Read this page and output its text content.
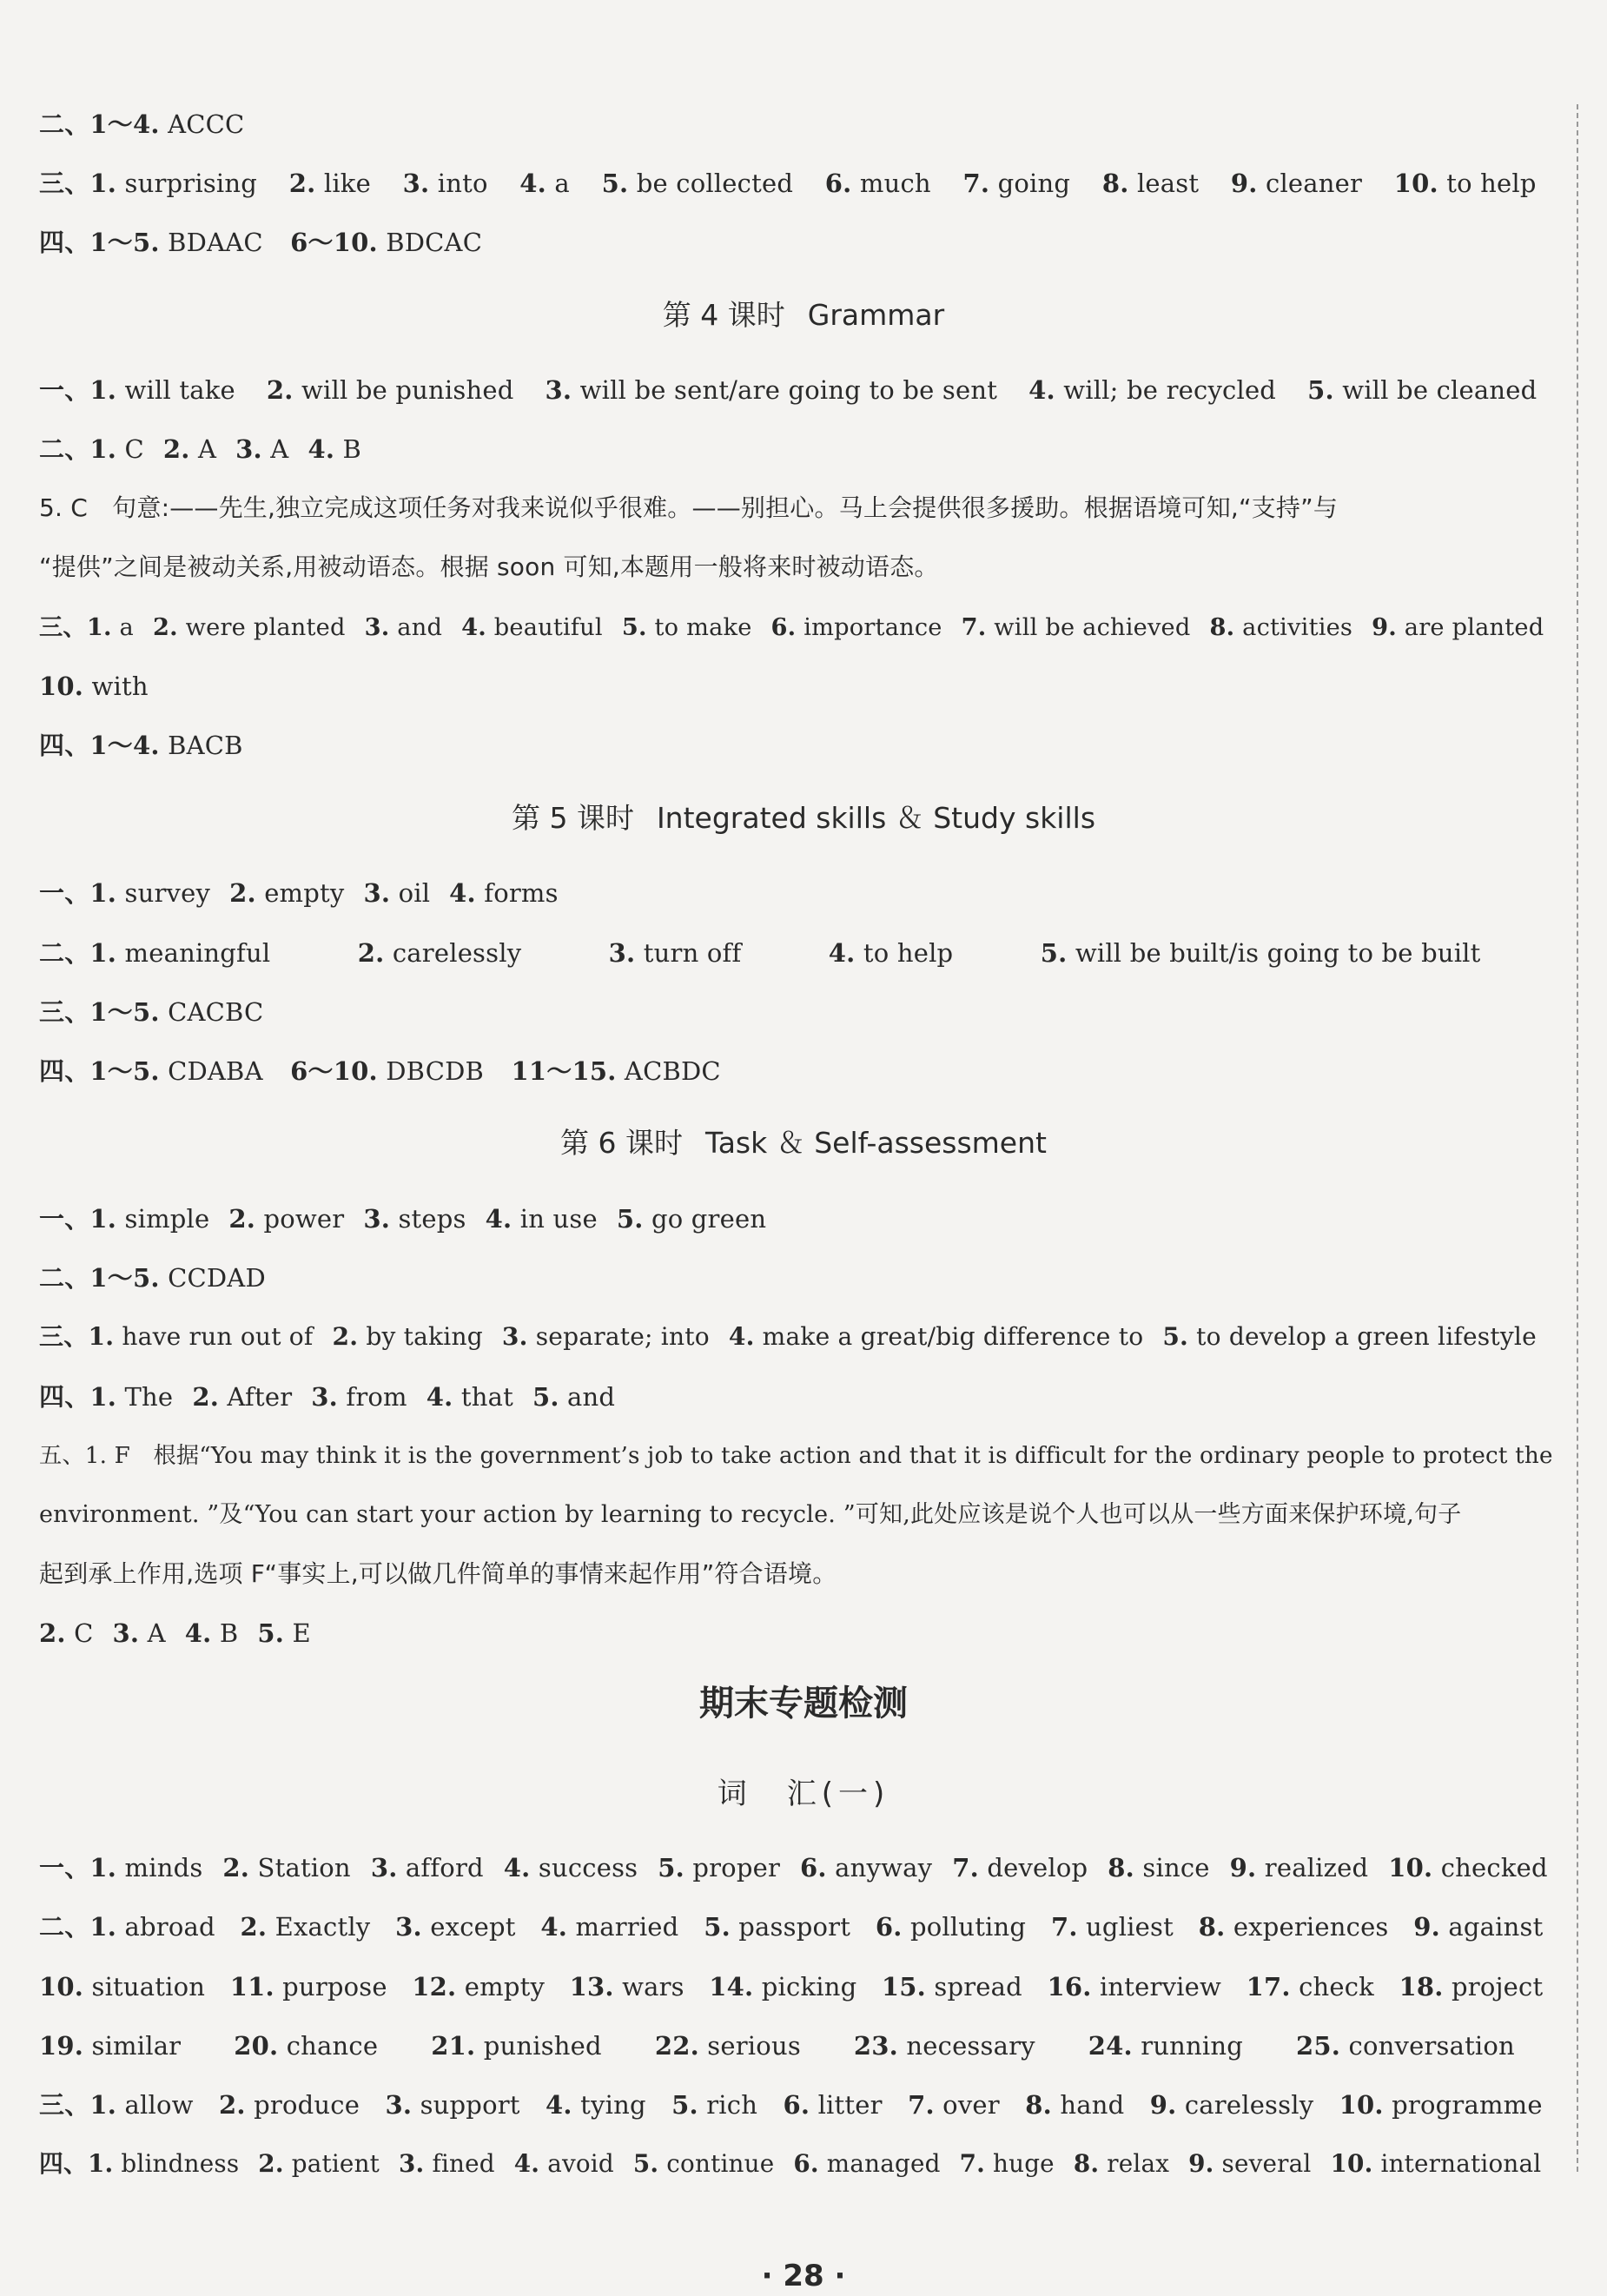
二、1～4. ACCC
三、1. surprising 2. like 3. into 4. a 5. be collected 6. much 7. going 8. least 9. cleaner 10. to help
四、1～5. BDAAC 6～10. BDCAC
第 4 课时 Grammar
一、1. will take 2. will be punished 3. will be sent/are going to be sent 4. will; be recycled 5. will be cleaned
二、1. C 2. A 3. A 4. B
5. C　句意:——先生,独立完成这项任务对我来说似乎很难。——别担心。马上会提供很多援助。根据语境可知,“支持”与
“提供”之间是被动关系,用被动语态。根据 soon 可知,本题用一般将来时被动语态。
三、1. a 2. were planted 3. and 4. beautiful 5. to make 6. importance 7. will be achieved 8. activities 9. are planted
10. with
四、1～4. BACB
第 5 课时 Integrated skills ＆ Study skills
一、1. survey 2. empty 3. oil 4. forms
二、1. meaningful	2. carelessly	3. turn off	4. to help	5. will be built/is going to be built
三、1～5. CACBC
四、1～5. CDABA 6～10. DBCDB 11～15. ACBDC
第 6 课时 Task ＆ Self-assessment
一、1. simple 2. power 3. steps 4. in use 5. go green
二、1～5. CCDAD
三、1. have run out of 2. by taking 3. separate; into 4. make a great/big difference to 5. to develop a green lifestyle
四、1. The 2. After 3. from 4. that 5. and
五、1. F　根据“You may think it is the government’s job to take action and that it is difficult for the ordinary people to protect the
environment. ”及“You can start your action by learning to recycle. ”可知,此处应该是说个人也可以从一些方面来保护环境,句子
起到承上作用,选项 F“事实上,可以做几件简单的事情来起作用”符合语境。
2. C 3. A 4. B 5. E
期末专题检测
词　汇(一)
一、1. minds 2. Station 3. afford 4. success 5. proper 6. anyway 7. develop 8. since 9. realized 10. checked
二、1. abroad 2. Exactly 3. except 4. married 5. passport 6. polluting 7. ugliest 8. experiences 9. against
10. situation 11. purpose 12. empty 13. wars 14. picking 15. spread 16. interview 17. check 18. project
19. similar 20. chance 21. punished 22. serious 23. necessary 24. running 25. conversation
三、1. allow 2. produce 3. support 4. tying 5. rich 6. litter 7. over 8. hand 9. carelessly 10. programme
四、1. blindness 2. patient 3. fined 4. avoid 5. continue 6. managed 7. huge 8. relax 9. several 10. international
· 28 ·
